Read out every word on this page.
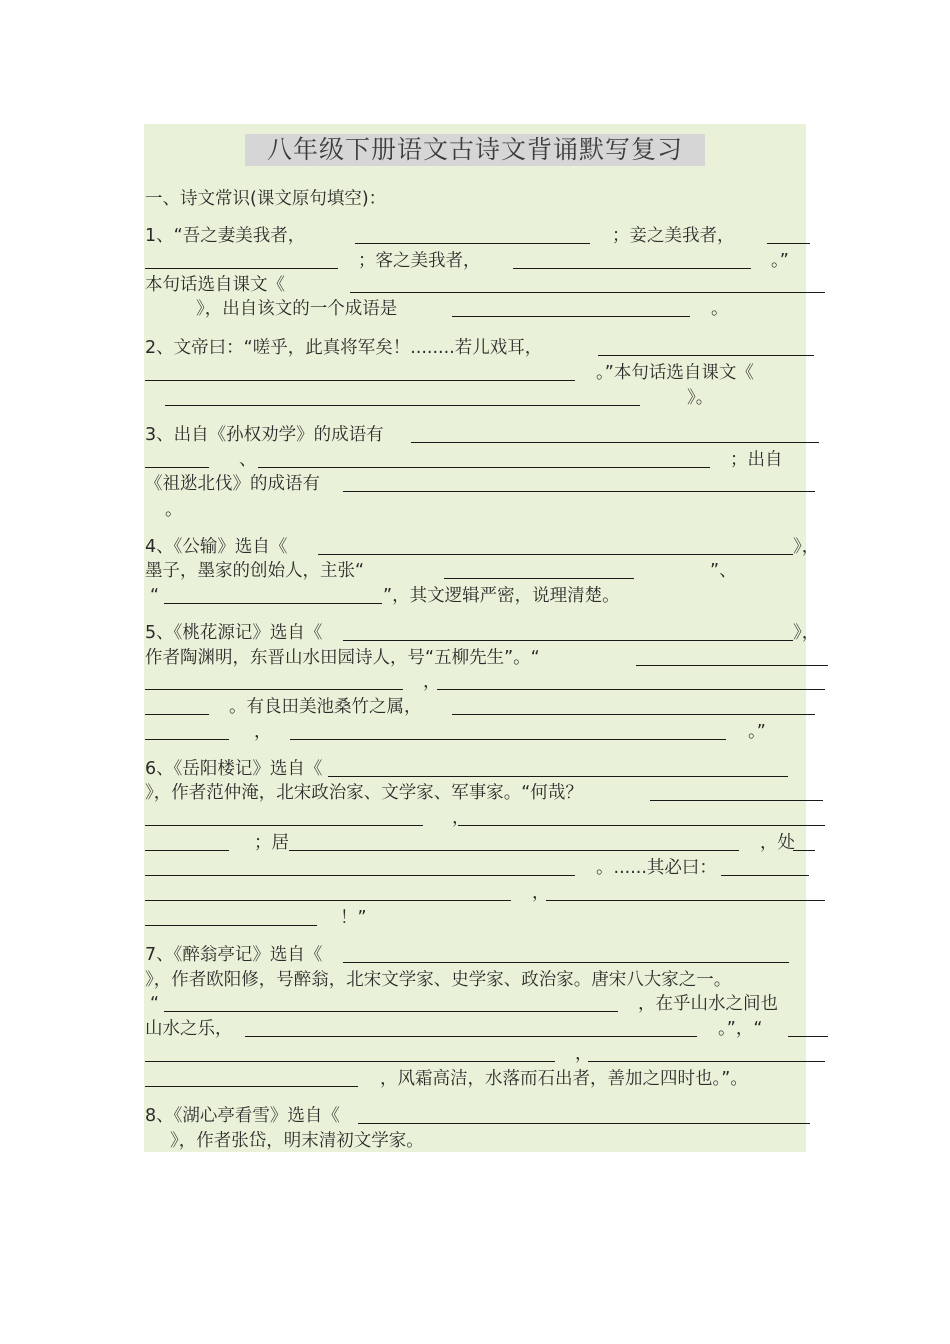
八年级下册语文古诗文背诵默写复习
一、诗文常识(课文原句填空)：
1、“吾之妻美我者，	；妾之美我者，
；客之美我者，	。”
本句话选自课文《
》，出自该文的一个成语是	。
2、文帝曰：“嗟乎，此真将军矣！........若儿戏耳，
。”本句话选自课文《
》。
3、出自《孙权劝学》的成语有
、	；出自
《祖逖北伐》的成语有
。
4、《公输》选自《	》，
墨子，墨家的创始人，主张“	”、
“	”，其文逻辑严密，说理清楚。
5、《桃花源记》选自《	》，
作者陶渊明，东晋山水田园诗人，号“五柳先生”。“
，
。有良田美池桑竹之属，
，	。”
6、《岳阳楼记》选自《
》，作者范仲淹，北宋政治家、文学家、军事家。“何哉？
，
；居	，处
。......其必曰：
，
！”
7、《醉翁亭记》选自《
》，作者欧阳修，号醉翁，北宋文学家、史学家、政治家。唐宋八大家之一。
“	，在乎山水之间也
山水之乐，	。”，“
，
，风霜高洁，水落而石出者，善加之四时也。”。
8、《湖心亭看雪》选自《
》，作者张岱，明末清初文学家。
